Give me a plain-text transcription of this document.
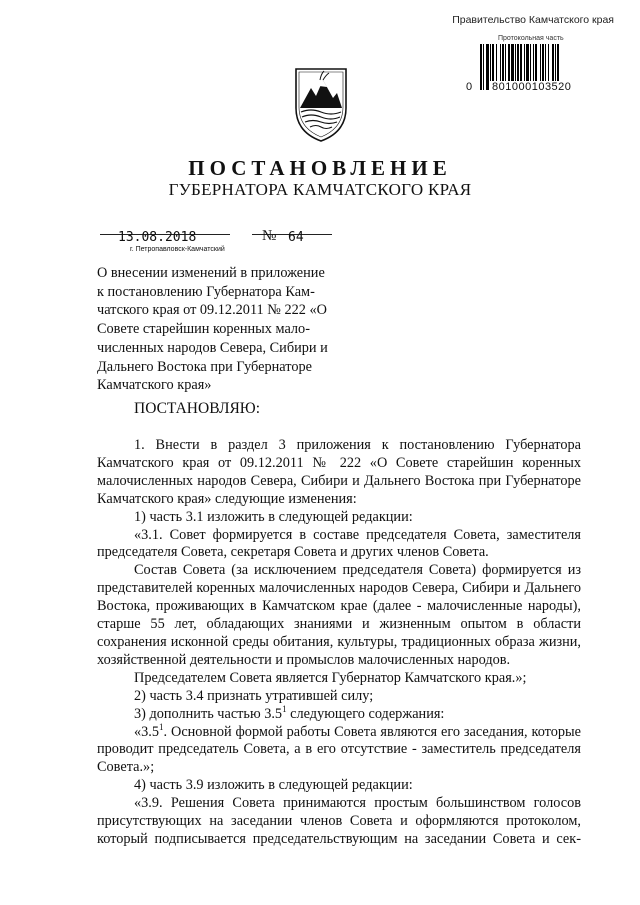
Правительство Камчатского края
Протокольная часть
0 801000103520
ПОСТАНОВЛЕНИЕ
ГУБЕРНАТОРА КАМЧАТСКОГО КРАЯ
13.08.2018	№ 64
г. Петропавловск-Камчатский
О внесении изменений в приложение
к постановлению Губернатора Кам-
чатского края от 09.12.2011 № 222 «О
Совете старейшин коренных мало-
численных народов Севера, Сибири и
Дальнего Востока при Губернаторе
Камчатского края»
ПОСТАНОВЛЯЮ:

1. Внести в раздел 3 приложения к постановлению Губернатора Камчатского края от 09.12.2011 № 222 «О Совете старейшин коренных малочисленных народов Севера, Сибири и Дальнего Востока при Губернаторе Камчатского края» следующие изменения:

1) часть 3.1 изложить в следующей редакции:

«3.1. Совет формируется в составе председателя Совета, заместителя председателя Совета, секретаря Совета и других членов Совета.

Состав Совета (за исключением председателя Совета) формируется из представителей коренных малочисленных народов Севера, Сибири и Дальнего Востока, проживающих в Камчатском крае (далее - малочисленные народы), старше 55 лет, обладающих знаниями и жизненным опытом в области сохранения исконной среды обитания, культуры, традиционных образа жизни, хозяйственной деятельности и промыслов малочисленных народов.

Председателем Совета является Губернатор Камчатского края.»;

2) часть 3.4 признать утратившей силу;

3) дополнить частью $3.5^1$ следующего содержания:

«$3.5^1$. Основной формой работы Совета являются его заседания, которые проводит председатель Совета, а в его отсутствие - заместитель председателя Совета.»;

4) часть 3.9 изложить в следующей редакции:

«3.9. Решения Совета принимаются простым большинством голосов присутствующих на заседании членов Совета и оформляются протоколом, который подписывается председательствующим на заседании Совета и сек-
